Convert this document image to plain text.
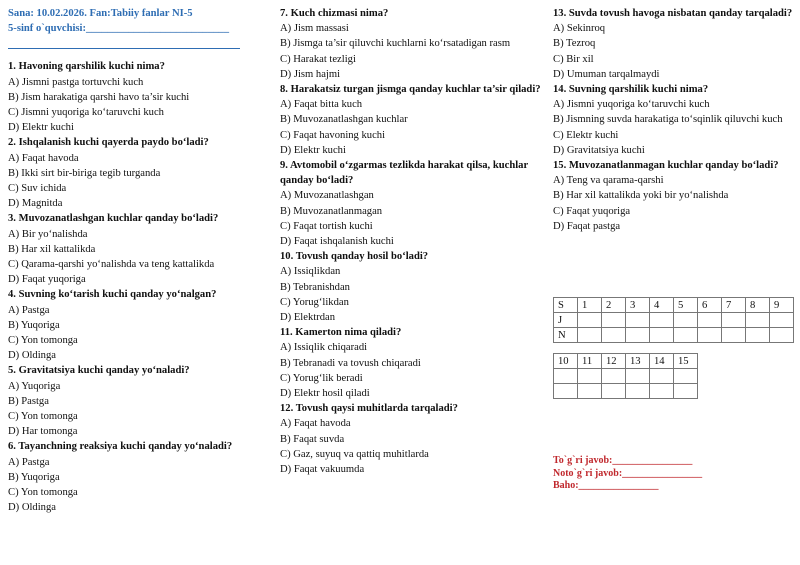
Sana: 10.02.2026. Fan:Tabiiy fanlar NI-5
5-sinf o`quvchisi:___________________________
1. Havoning qarshilik kuchi nima?
A) Jismni pastga tortuvchi kuch
B) Jism harakatiga qarshi havo ta’sir kuchi
C) Jismni yuqoriga ko‘taruvchi kuch
D) Elektr kuchi
2. Ishqalanish kuchi qayerda paydo bo‘ladi?
A) Faqat havoda
B) Ikki sirt bir-biriga tegib turganda
C) Suv ichida
D) Magnitda
3. Muvozanatlashgan kuchlar qanday bo‘ladi?
A) Bir yo‘nalishda
B) Har xil kattalikda
C) Qarama-qarshi yo‘nalishda va teng kattalikda
D) Faqat yuqoriga
4. Suvning ko‘tarish kuchi qanday yo‘nalgan?
A) Pastga
B) Yuqoriga
C) Yon tomonga
D) Oldinga
5. Gravitatsiya kuchi qanday yo‘naladi?
A) Yuqoriga
B) Pastga
C) Yon tomonga
D) Har tomonga
6. Tayanchning reaksiya kuchi qanday yo‘naladi?
A) Pastga
B) Yuqoriga
C) Yon tomonga
D) Oldinga
7. Kuch chizmasi nima?
A) Jism massasi
B) Jismga ta’sir qiluvchi kuchlarni ko‘rsatadigan rasm
C) Harakat tezligi
D) Jism hajmi
8. Harakatsiz turgan jismga qanday kuchlar ta’sir qiladi?
A) Faqat bitta kuch
B) Muvozanatlashgan kuchlar
C) Faqat havoning kuchi
D) Elektr kuchi
9. Avtomobil o‘zgarmas tezlikda harakat qilsa, kuchlar qanday bo‘ladi?
A) Muvozanatlashgan
B) Muvozanatlanmagan
C) Faqat tortish kuchi
D) Faqat ishqalanish kuchi
10. Tovush qanday hosil bo‘ladi?
A) Issiqlikdan
B) Tebranishdan
C) Yorug‘likdan
D) Elektrdan
11. Kamerton nima qiladi?
A) Issiqlik chiqaradi
B) Tebranadi va tovush chiqaradi
C) Yorug‘lik beradi
D) Elektr hosil qiladi
12. Tovush qaysi muhitlarda tarqaladi?
A) Faqat havoda
B) Faqat suvda
C) Gaz, suyuq va qattiq muhitlarda
D) Faqat vakuumda
13. Suvda tovush havoga nisbatan qanday tarqaladi?
A) Sekinroq
B) Tezroq
C) Bir xil
D) Umuman tarqalmaydi
14. Suvning qarshilik kuchi nima?
A) Jismni yuqoriga ko‘taruvchi kuch
B) Jismning suvda harakatiga to‘sqinlik qiluvchi kuch
C) Elektr kuchi
D) Gravitatsiya kuchi
15. Muvozanatlanmagan kuchlar qanday bo‘ladi?
A) Teng va qarama-qarshi
B) Har xil kattalikda yoki bir yo‘nalishda
C) Faqat yuqoriga
D) Faqat pastga
S	1	2	3	4	5	6	7	8	9
J									
N									
10	11	12	13	14	15

To`g`ri javob:________________
Noto`g`ri javob:________________
Baho:________________
